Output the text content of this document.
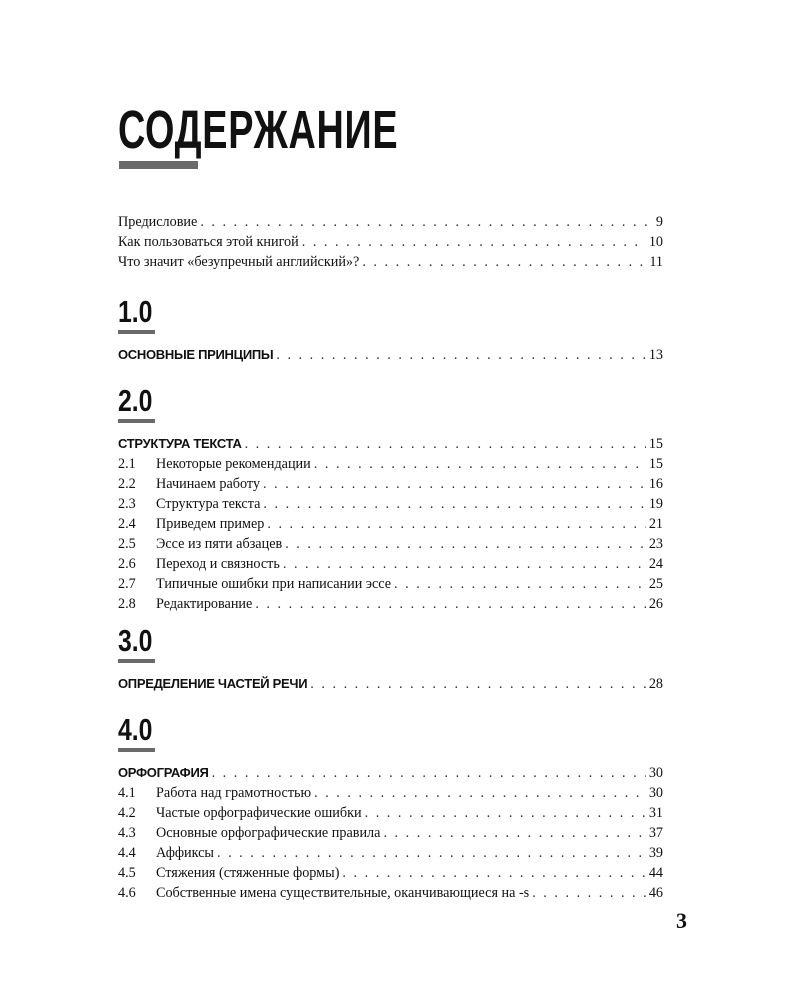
СОДЕРЖАНИЕ
Предисловие . . .	9
Как пользоваться этой книгой . . .	10
Что значит «безупречный английский»? . . .	11
1.0
ОСНОВНЫЕ ПРИНЦИПЫ . . .	13
2.0
СТРУКТУРА ТЕКСТА . . .	15
2.1	Некоторые рекомендации . . .	15
2.2	Начинаем работу . . .	16
2.3	Структура текста . . .	19
2.4	Приведем пример . . .	21
2.5	Эссе из пяти абзацев . . .	23
2.6	Переход и связность . . .	24
2.7	Типичные ошибки при написании эссе . . .	25
2.8	Редактирование . . .	26
3.0
ОПРЕДЕЛЕНИЕ ЧАСТЕЙ РЕЧИ . . .	28
4.0
ОРФОГРАФИЯ . . .	30
4.1	Работа над грамотностью . . .	30
4.2	Частые орфографические ошибки . . .	31
4.3	Основные орфографические правила . . .	37
4.4	Аффиксы . . .	39
4.5	Стяжения (стяженные формы) . . .	44
4.6	Собственные имена существительные, оканчивающиеся на -s . . .	46
3
